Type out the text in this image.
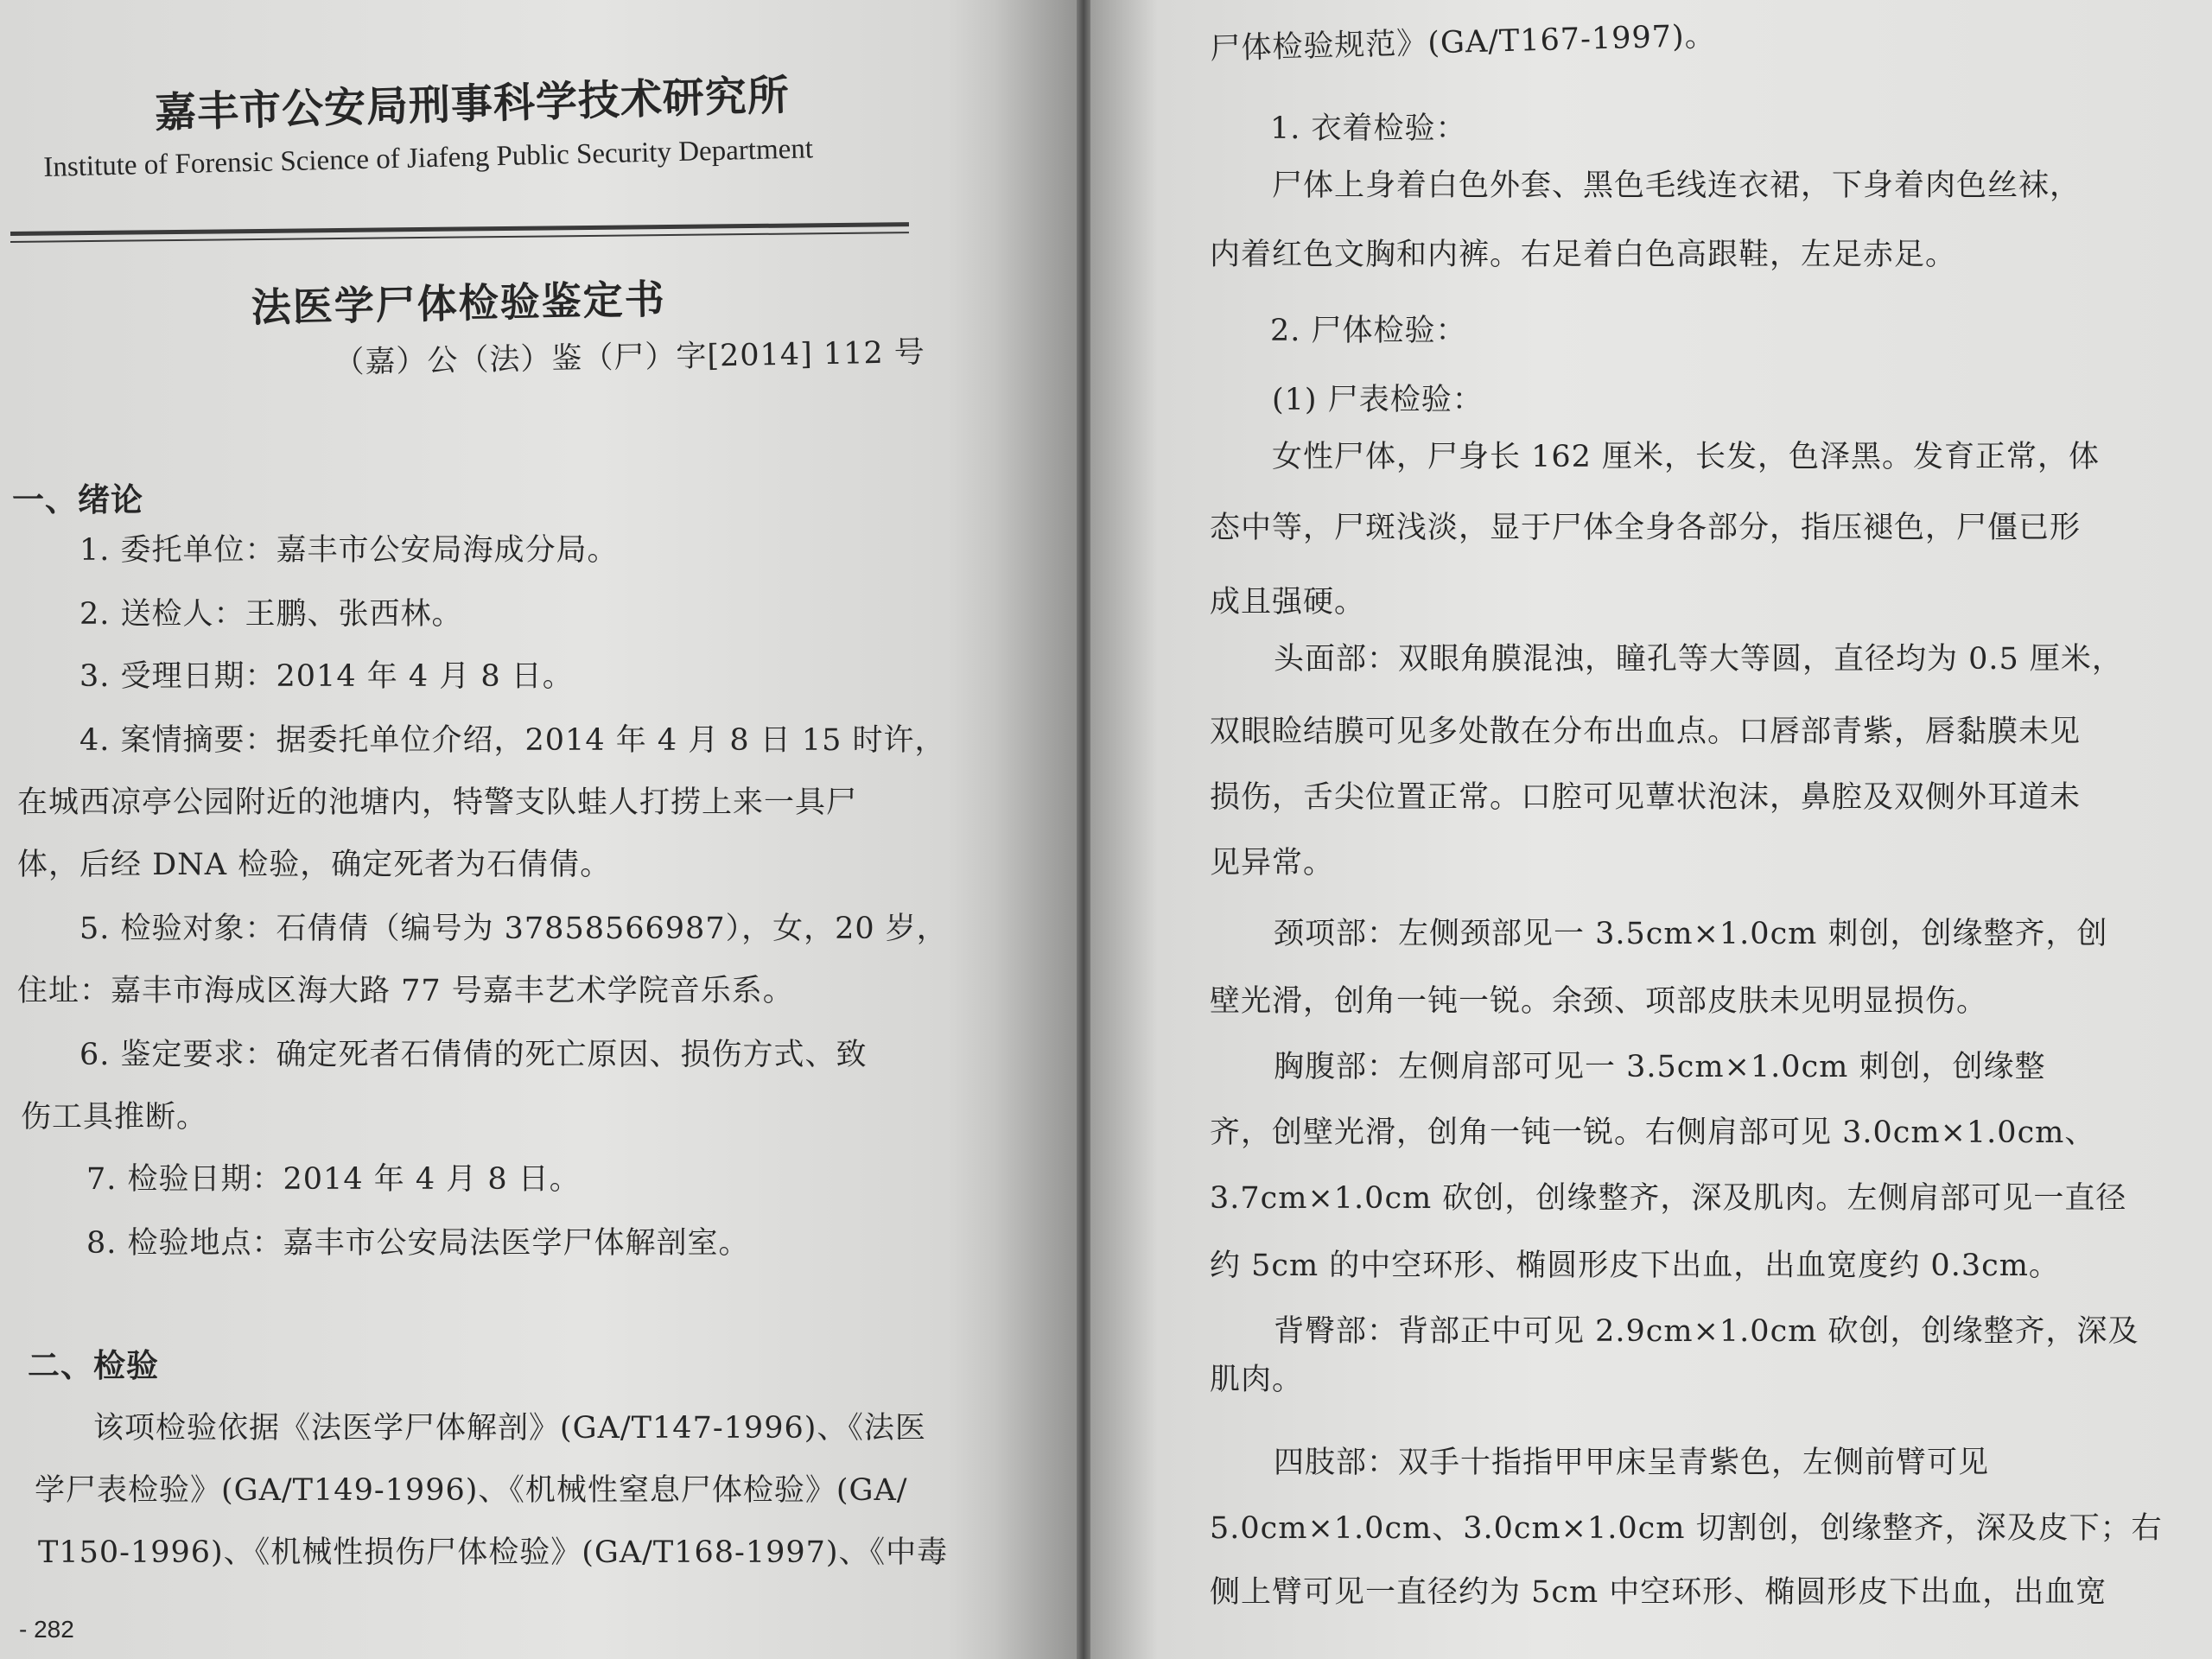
嘉丰市公安局刑事科学技术研究所
Institute of Forensic Science of Jiafeng Public Security Department
法医学尸体检验鉴定书
（嘉）公（法）鉴（尸）字[2014] 112 号
一、绪论
1. 委托单位：嘉丰市公安局海成分局。
2. 送检人：王鹏、张西林。
3. 受理日期：2014 年 4 月 8 日。
4. 案情摘要：据委托单位介绍，2014 年 4 月 8 日 15 时许，
在城西凉亭公园附近的池塘内，特警支队蛙人打捞上来一具尸
体，后经 DNA 检验，确定死者为石倩倩。
5. 检验对象：石倩倩（编号为 37858566987），女，20 岁，
住址：嘉丰市海成区海大路 77 号嘉丰艺术学院音乐系。
6. 鉴定要求：确定死者石倩倩的死亡原因、损伤方式、致
伤工具推断。
7. 检验日期：2014 年 4 月 8 日。
8. 检验地点：嘉丰市公安局法医学尸体解剖室。
二、检验
该项检验依据《法医学尸体解剖》(GA/T147-1996)、《法医
学尸表检验》(GA/T149-1996)、《机械性窒息尸体检验》(GA/
T150-1996)、《机械性损伤尸体检验》(GA/T168-1997)、《中毒
- 282
尸体检验规范》(GA/T167-1997)。
1. 衣着检验：
尸体上身着白色外套、黑色毛线连衣裙，下身着肉色丝袜，
内着红色文胸和内裤。右足着白色高跟鞋，左足赤足。
2. 尸体检验：
(1) 尸表检验：
女性尸体，尸身长 162 厘米，长发，色泽黑。发育正常，体
态中等，尸斑浅淡，显于尸体全身各部分，指压褪色，尸僵已形
成且强硬。
头面部：双眼角膜混浊，瞳孔等大等圆，直径均为 0.5 厘米，
双眼睑结膜可见多处散在分布出血点。口唇部青紫，唇黏膜未见
损伤，舌尖位置正常。口腔可见蕈状泡沫，鼻腔及双侧外耳道未
见异常。
颈项部：左侧颈部见一 3.5cm×1.0cm 刺创，创缘整齐，创
壁光滑，创角一钝一锐。余颈、项部皮肤未见明显损伤。
胸腹部：左侧肩部可见一 3.5cm×1.0cm 刺创，创缘整
齐，创壁光滑，创角一钝一锐。右侧肩部可见 3.0cm×1.0cm、
3.7cm×1.0cm 砍创，创缘整齐，深及肌肉。左侧肩部可见一直径
约 5cm 的中空环形、椭圆形皮下出血，出血宽度约 0.3cm。
背臀部：背部正中可见 2.9cm×1.0cm 砍创，创缘整齐，深及
肌肉。
四肢部：双手十指指甲甲床呈青紫色，左侧前臂可见
5.0cm×1.0cm、3.0cm×1.0cm 切割创，创缘整齐，深及皮下；右
侧上臂可见一直径约为 5cm 中空环形、椭圆形皮下出血，出血宽
